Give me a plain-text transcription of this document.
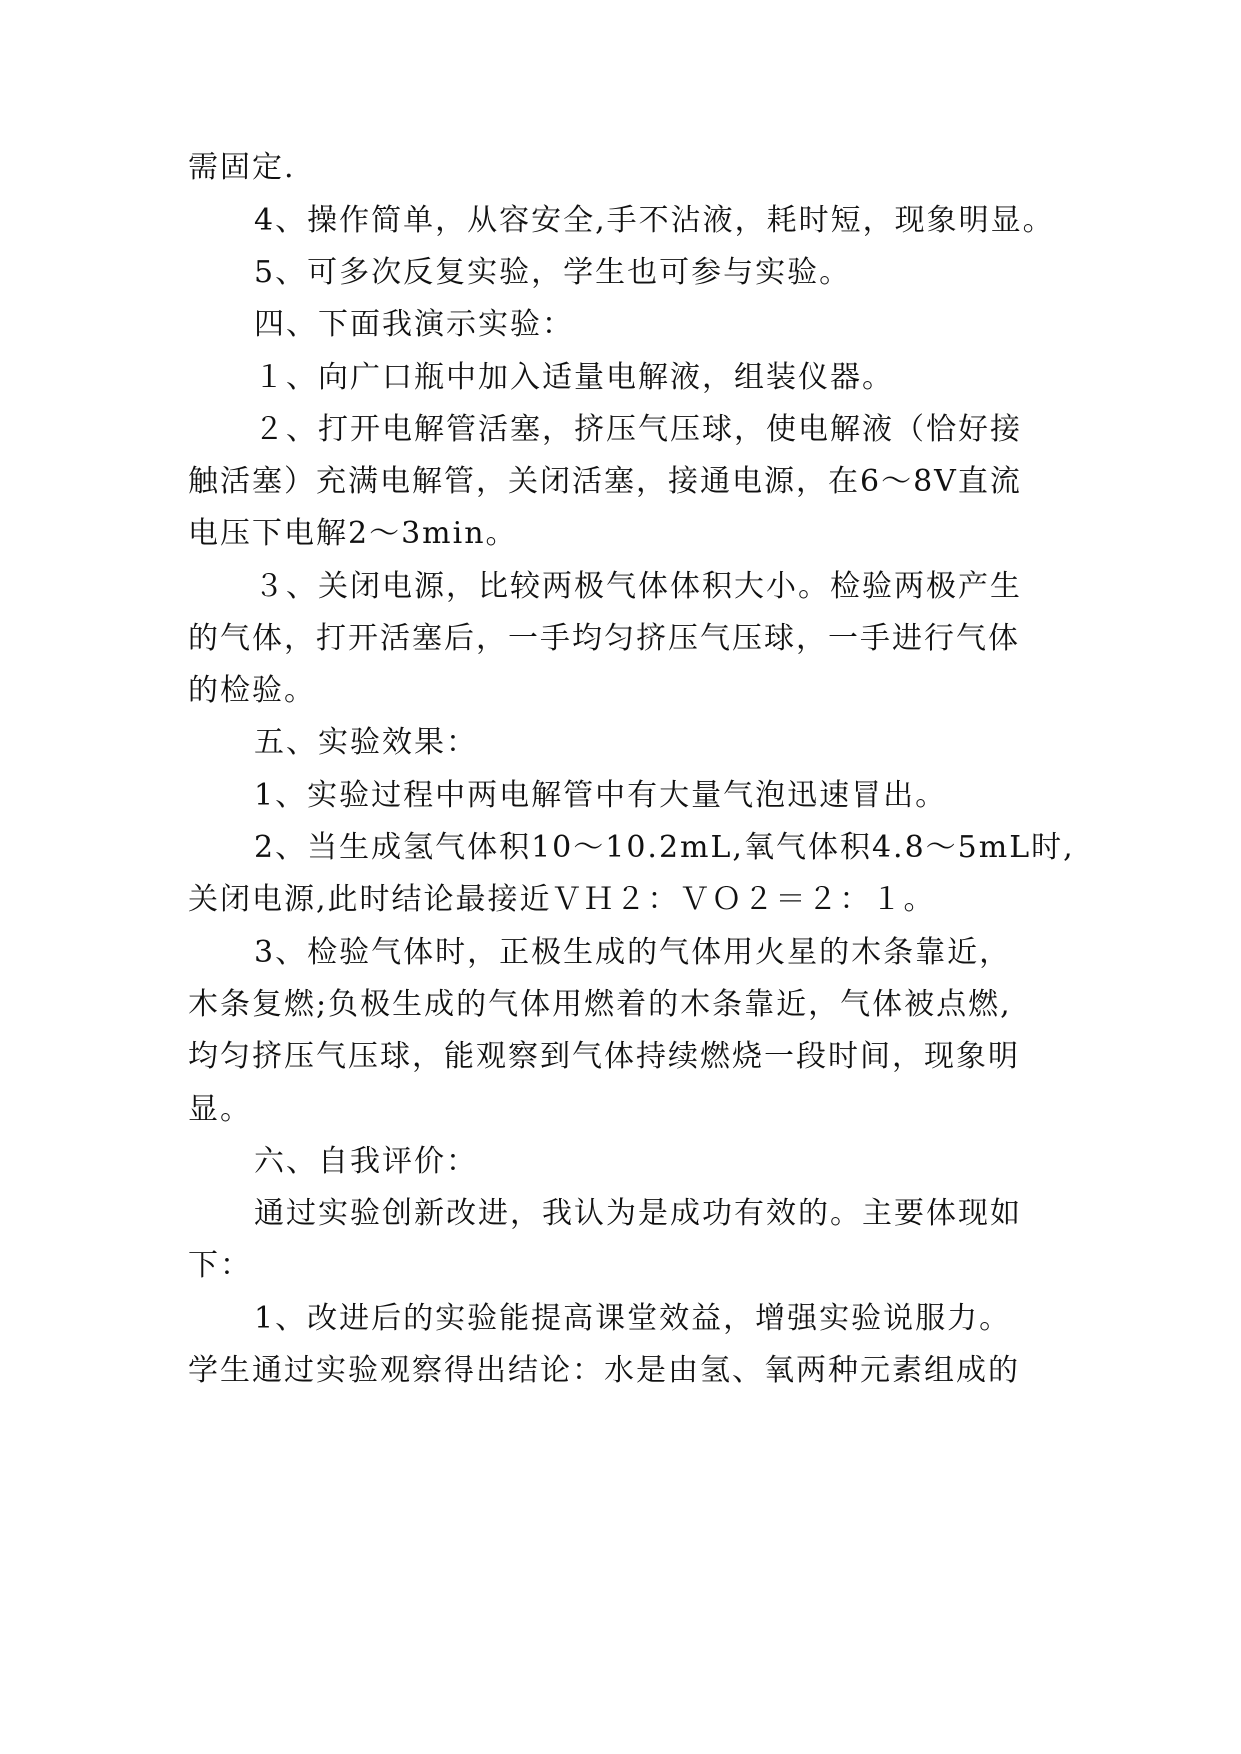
需固定.
4、操作简单，从容安全,手不沾液，耗时短，现象明显。
5、可多次反复实验，学生也可参与实验。
四、下面我演示实验：
１、向广口瓶中加入适量电解液，组装仪器。
２、打开电解管活塞，挤压气压球，使电解液（恰好接
触活塞）充满电解管，关闭活塞，接通电源，在6～8V直流
电压下电解2～3min。
３、关闭电源，比较两极气体体积大小。检验两极产生
的气体，打开活塞后，一手均匀挤压气压球，一手进行气体
的检验。
五、实验效果：
1、实验过程中两电解管中有大量气泡迅速冒出。
2、当生成氢气体积10～10.2mL,氧气体积4.8～5mL时,
关闭电源,此时结论最接近ＶＨ２：ＶＯ２＝２：１。
3、检验气体时，正极生成的气体用火星的木条靠近，
木条复燃;负极生成的气体用燃着的木条靠近，气体被点燃,
均匀挤压气压球，能观察到气体持续燃烧一段时间，现象明
显。
六、自我评价：
通过实验创新改进，我认为是成功有效的。主要体现如
下：
1、改进后的实验能提高课堂效益，增强实验说服力。
学生通过实验观察得出结论：水是由氢、氧两种元素组成的
